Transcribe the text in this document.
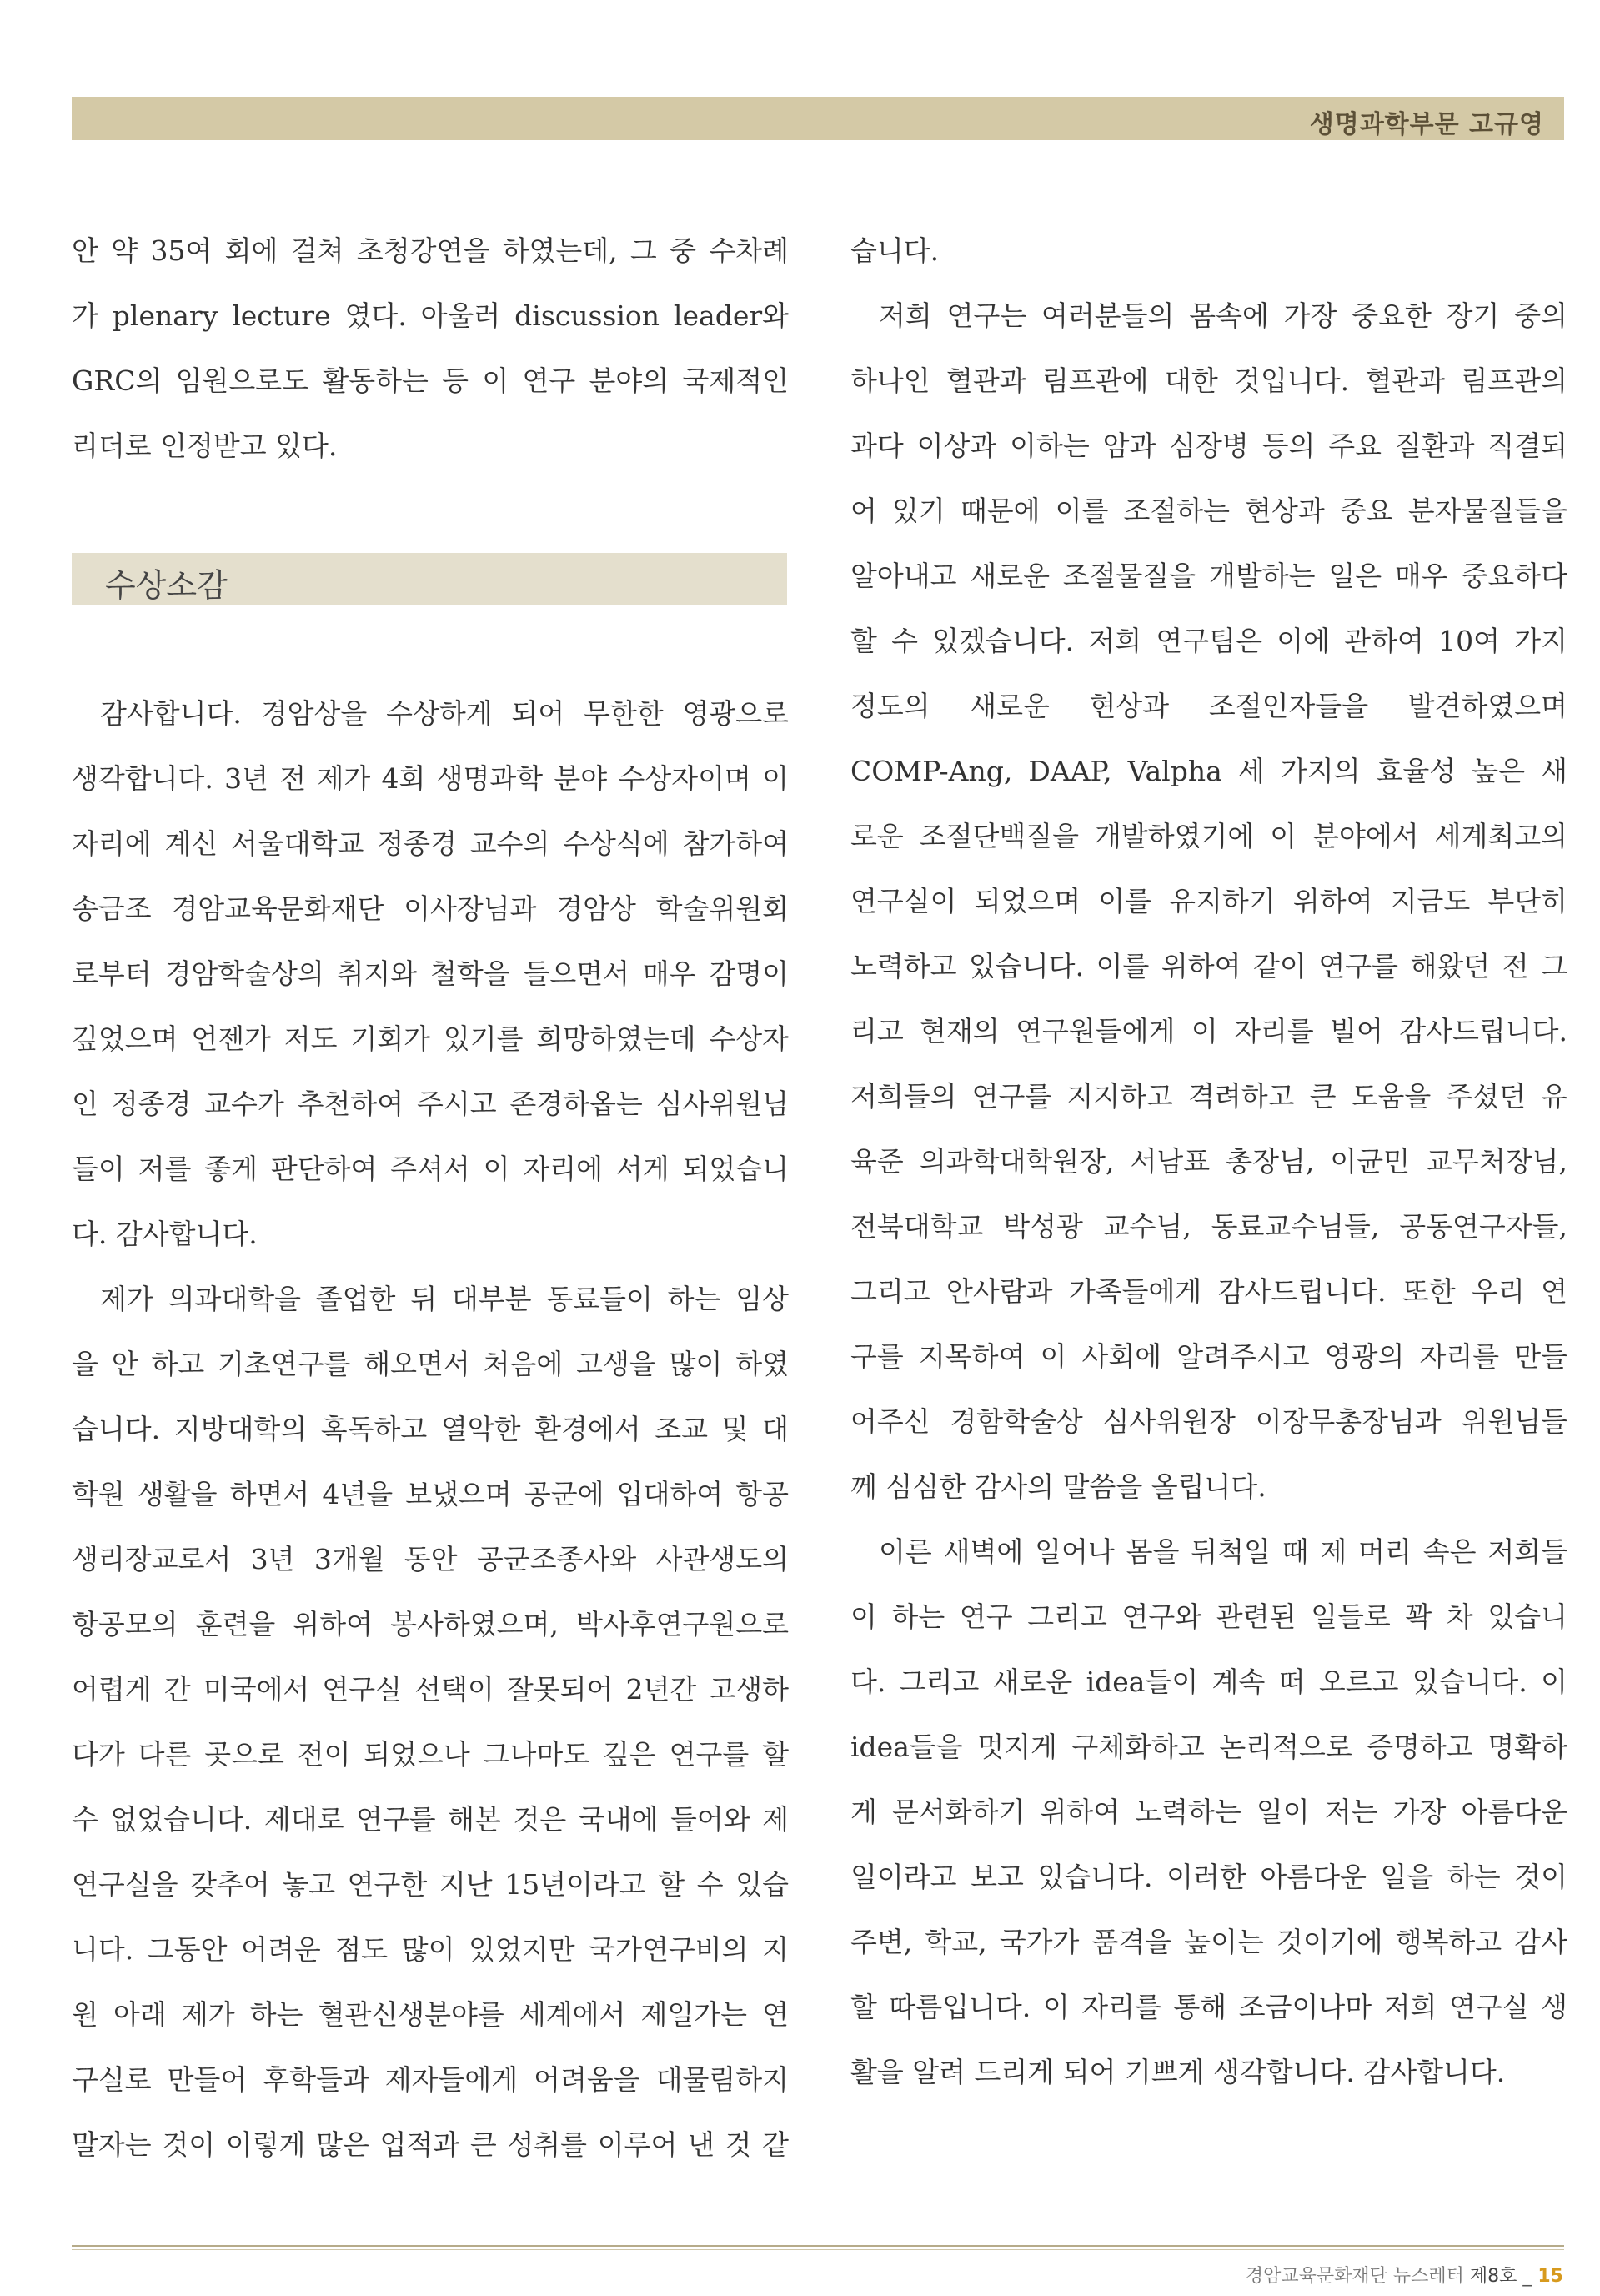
생명과학부문 고규영
안 약 35여 회에 걸쳐 초청강연을 하였는데, 그 중 수차례
가 plenary lecture 였다. 아울러 discussion leader와
GRC의 임원으로도 활동하는 등 이 연구 분야의 국제적인
리더로 인정받고 있다.
수상소감
감사합니다. 경암상을 수상하게 되어 무한한 영광으로
생각합니다. 3년 전 제가 4회 생명과학 분야 수상자이며 이
자리에 계신 서울대학교 정종경 교수의 수상식에 참가하여
송금조 경암교육문화재단 이사장님과 경암상 학술위원회
로부터 경암학술상의 취지와 철학을 들으면서 매우 감명이
깊었으며 언젠가 저도 기회가 있기를 희망하였는데 수상자
인 정종경 교수가 추천하여 주시고 존경하옵는 심사위원님
들이 저를 좋게 판단하여 주셔서 이 자리에 서게 되었습니
다. 감사합니다.
제가 의과대학을 졸업한 뒤 대부분 동료들이 하는 임상
을 안 하고 기초연구를 해오면서 처음에 고생을 많이 하였
습니다. 지방대학의 혹독하고 열악한 환경에서 조교 및 대
학원 생활을 하면서 4년을 보냈으며 공군에 입대하여 항공
생리장교로서 3년 3개월 동안 공군조종사와 사관생도의
항공모의 훈련을 위하여 봉사하였으며, 박사후연구원으로
어렵게 간 미국에서 연구실 선택이 잘못되어 2년간 고생하
다가 다른 곳으로 전이 되었으나 그나마도 깊은 연구를 할
수 없었습니다. 제대로 연구를 해본 것은 국내에 들어와 제
연구실을 갖추어 놓고 연구한 지난 15년이라고 할 수 있습
니다. 그동안 어려운 점도 많이 있었지만 국가연구비의 지
원 아래 제가 하는 혈관신생분야를 세계에서 제일가는 연
구실로 만들어 후학들과 제자들에게 어려움을 대물림하지
말자는 것이 이렇게 많은 업적과 큰 성취를 이루어 낸 것 같
습니다.
저희 연구는 여러분들의 몸속에 가장 중요한 장기 중의
하나인 혈관과 림프관에 대한 것입니다. 혈관과 림프관의
과다 이상과 이하는 암과 심장병 등의 주요 질환과 직결되
어 있기 때문에 이를 조절하는 현상과 중요 분자물질들을
알아내고 새로운 조절물질을 개발하는 일은 매우 중요하다
할 수 있겠습니다. 저희 연구팀은 이에 관하여 10여 가지
정도의 새로운 현상과 조절인자들을 발견하였으며
COMP-Ang, DAAP, Valpha 세 가지의 효율성 높은 새
로운 조절단백질을 개발하였기에 이 분야에서 세계최고의
연구실이 되었으며 이를 유지하기 위하여 지금도 부단히
노력하고 있습니다. 이를 위하여 같이 연구를 해왔던 전 그
리고 현재의 연구원들에게 이 자리를 빌어 감사드립니다.
저희들의 연구를 지지하고 격려하고 큰 도움을 주셨던 유
육준 의과학대학원장, 서남표 총장님, 이균민 교무처장님,
전북대학교 박성광 교수님, 동료교수님들, 공동연구자들,
그리고 안사람과 가족들에게 감사드립니다. 또한 우리 연
구를 지목하여 이 사회에 알려주시고 영광의 자리를 만들
어주신 경함학술상 심사위원장 이장무총장님과 위원님들
께 심심한 감사의 말씀을 올립니다.
이른 새벽에 일어나 몸을 뒤척일 때 제 머리 속은 저희들
이 하는 연구 그리고 연구와 관련된 일들로 꽉 차 있습니
다. 그리고 새로운 idea들이 계속 떠 오르고 있습니다. 이
idea들을 멋지게 구체화하고 논리적으로 증명하고 명확하
게 문서화하기 위하여 노력하는 일이 저는 가장 아름다운
일이라고 보고 있습니다. 이러한 아름다운 일을 하는 것이
주변, 학교, 국가가 품격을 높이는 것이기에 행복하고 감사
할 따름입니다. 이 자리를 통해 조금이나마 저희 연구실 생
활을 알려 드리게 되어 기쁘게 생각합니다. 감사합니다.
경암교육문화재단 뉴스레터 제8호 _ 15
